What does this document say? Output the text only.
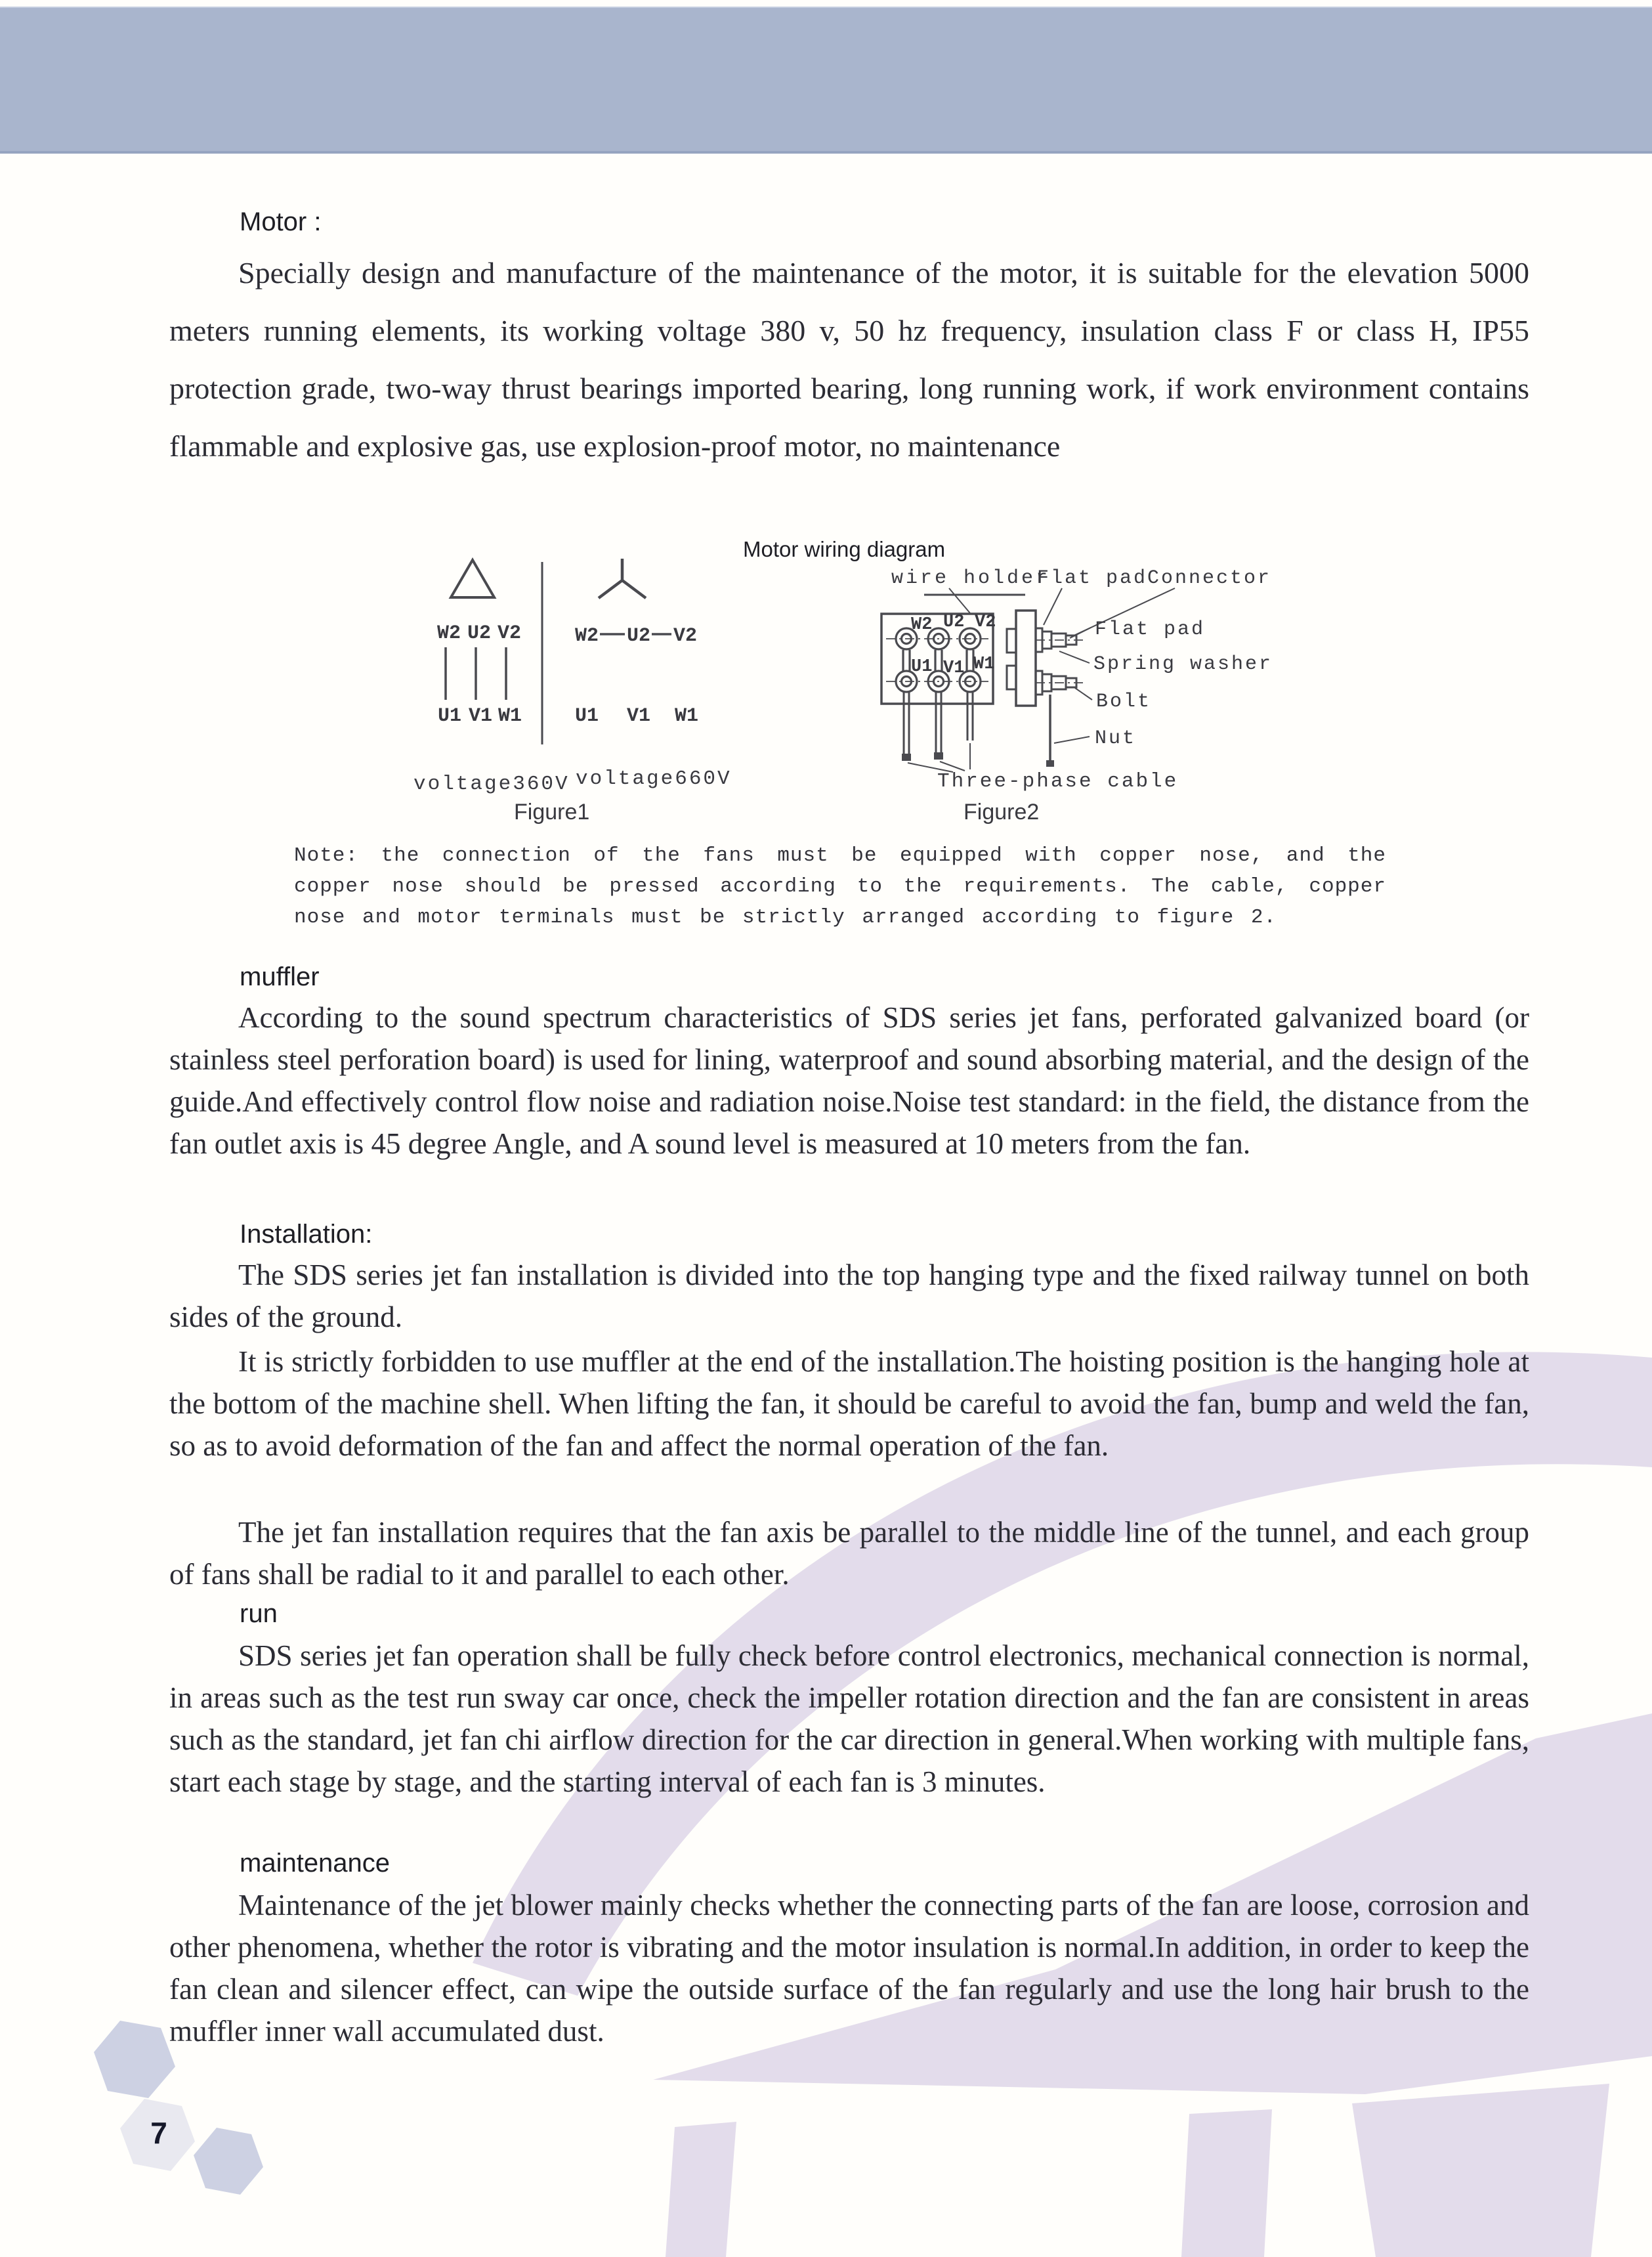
Motor :

Specially design and manufacture of the maintenance of the motor, it is suitable for the elevation 5000 meters running elements, its working voltage 380 v, 50 hz frequency, insulation class F or class H, IP55 protection grade, two-way thrust bearings imported bearing, long running work, if work environment contains flammable and explosive gas, use explosion-proof motor, no maintenance

Motor wiring diagram
W2 U2 V2
U1 V1 W1
W2 U2 V2
U1 V1 W1
voltage360V voltage660V
Figure1
wire holder
Flat pad Connector
W2 U2 V2
U1 V1 W1
Flat pad
Spring washer
Bolt
Nut
Three-phase cable
Figure2

Note: the connection of the fans must be equipped with copper nose, and the copper nose should be pressed according to the requirements. The cable, copper nose and motor terminals must be strictly arranged according to figure 2.

muffler

According to the sound spectrum characteristics of SDS series jet fans, perforated galvanized board (or stainless steel perforation board) is used for lining, waterproof and sound absorbing material, and the design of the guide.And effectively control flow noise and radiation noise.Noise test standard: in the field, the distance from the fan outlet axis is 45 degree Angle, and A sound level is measured at 10 meters from the fan.

Installation:

The SDS series jet fan installation is divided into the top hanging type and the fixed railway tunnel on both sides of the ground.

It is strictly forbidden to use muffler at the end of the installation.The hoisting position is the hanging hole at the bottom of the machine shell. When lifting the fan, it should be careful to avoid the fan, bump and weld the fan, so as to avoid deformation of the fan and affect the normal operation of the fan.

The jet fan installation requires that the fan axis be parallel to the middle line of the tunnel, and each group of fans shall be radial to it and parallel to each other.

run

SDS series jet fan operation shall be fully check before control electronics, mechanical connection is normal, in areas such as the test run sway car once, check the impeller rotation direction and the fan are consistent in areas such as the standard, jet fan chi airflow direction for the car direction in general.When working with multiple fans, start each stage by stage, and the starting interval of each fan is 3 minutes.

maintenance

Maintenance of the jet blower mainly checks whether the connecting parts of the fan are loose, corrosion and other phenomena, whether the rotor is vibrating and the motor insulation is normal.In addition, in order to keep the fan clean and silencer effect, can wipe the outside surface of the fan regularly and use the long hair brush to the muffler inner wall accumulated dust.

7
